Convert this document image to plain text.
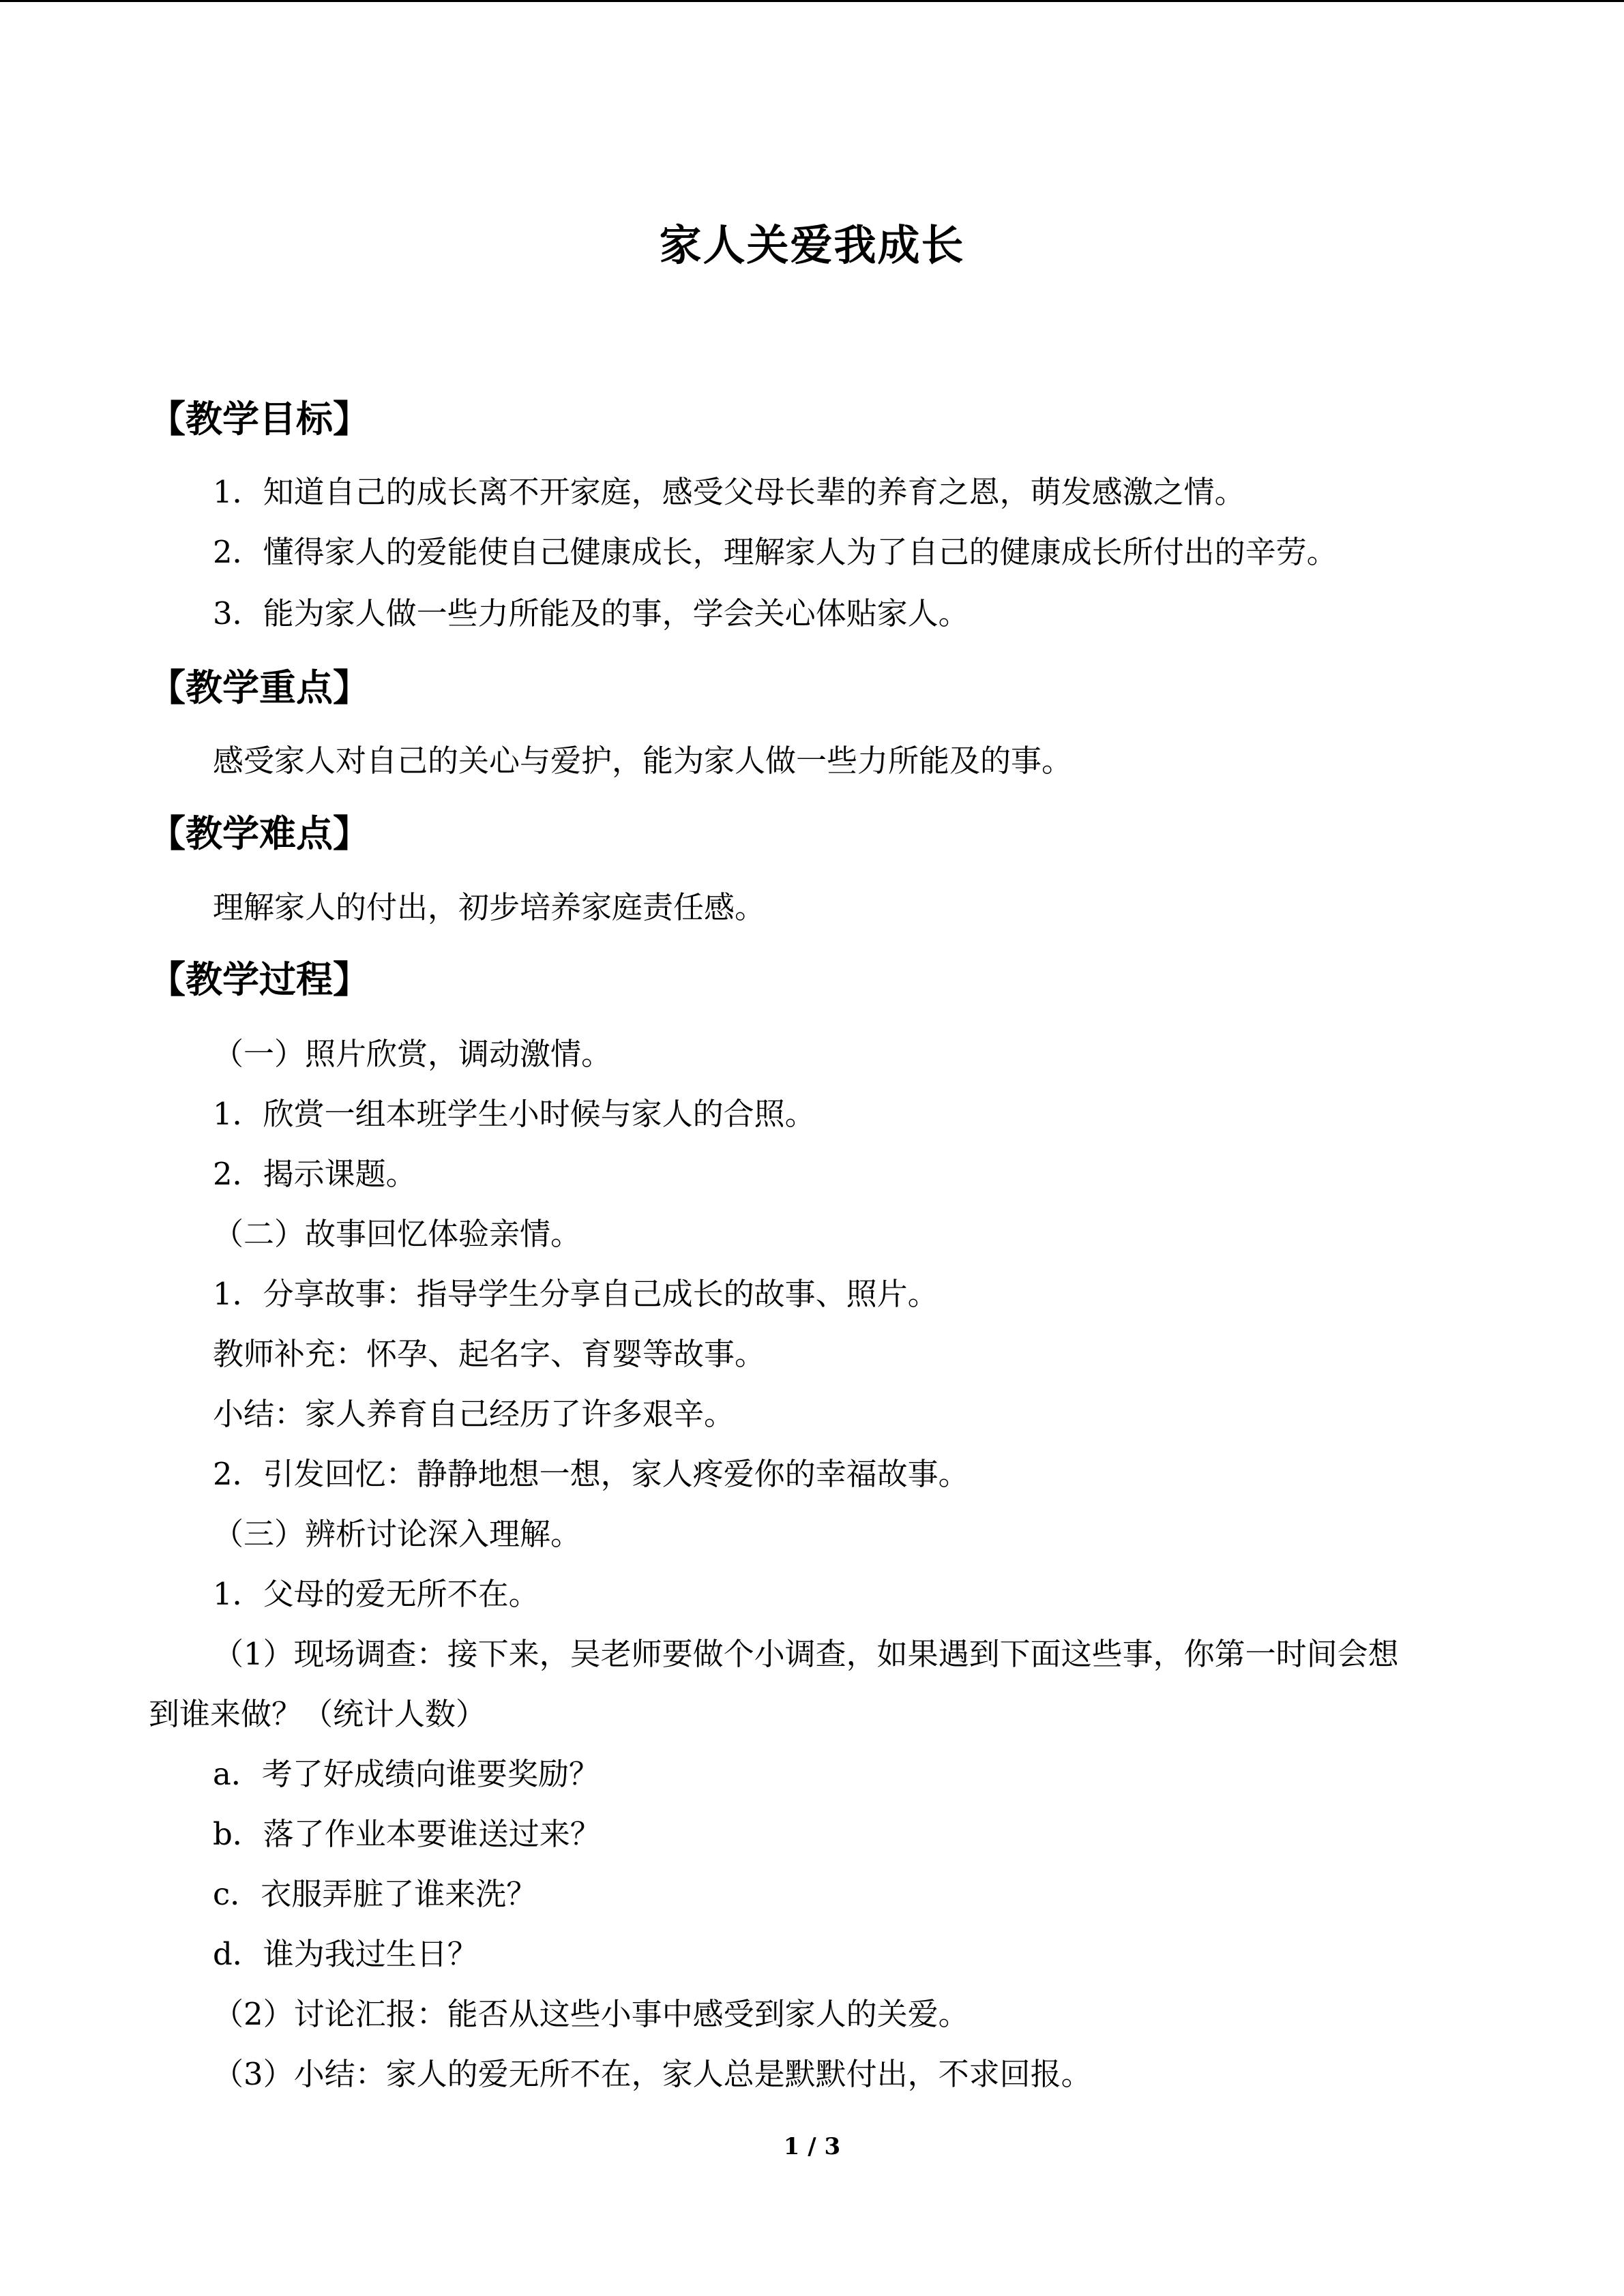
家人关爱我成长
【教学目标】
1．知道自己的成长离不开家庭，感受父母长辈的养育之恩，萌发感激之情。
2．懂得家人的爱能使自己健康成长，理解家人为了自己的健康成长所付出的辛劳。
3．能为家人做一些力所能及的事，学会关心体贴家人。
【教学重点】
感受家人对自己的关心与爱护，能为家人做一些力所能及的事。
【教学难点】
理解家人的付出，初步培养家庭责任感。
【教学过程】
（一）照片欣赏，调动激情。
1．欣赏一组本班学生小时候与家人的合照。
2．揭示课题。
（二）故事回忆体验亲情。
1．分享故事：指导学生分享自己成长的故事、照片。
教师补充：怀孕、起名字、育婴等故事。
小结：家人养育自己经历了许多艰辛。
2．引发回忆：静静地想一想，家人疼爱你的幸福故事。
（三）辨析讨论深入理解。
1．父母的爱无所不在。
（1）现场调查：接下来，吴老师要做个小调查，如果遇到下面这些事，你第一时间会想
到谁来做？（统计人数）
a．考了好成绩向谁要奖励？
b．落了作业本要谁送过来？
c．衣服弄脏了谁来洗？
d．谁为我过生日？
（2）讨论汇报：能否从这些小事中感受到家人的关爱。
（3）小结：家人的爱无所不在，家人总是默默付出，不求回报。
1 / 3
